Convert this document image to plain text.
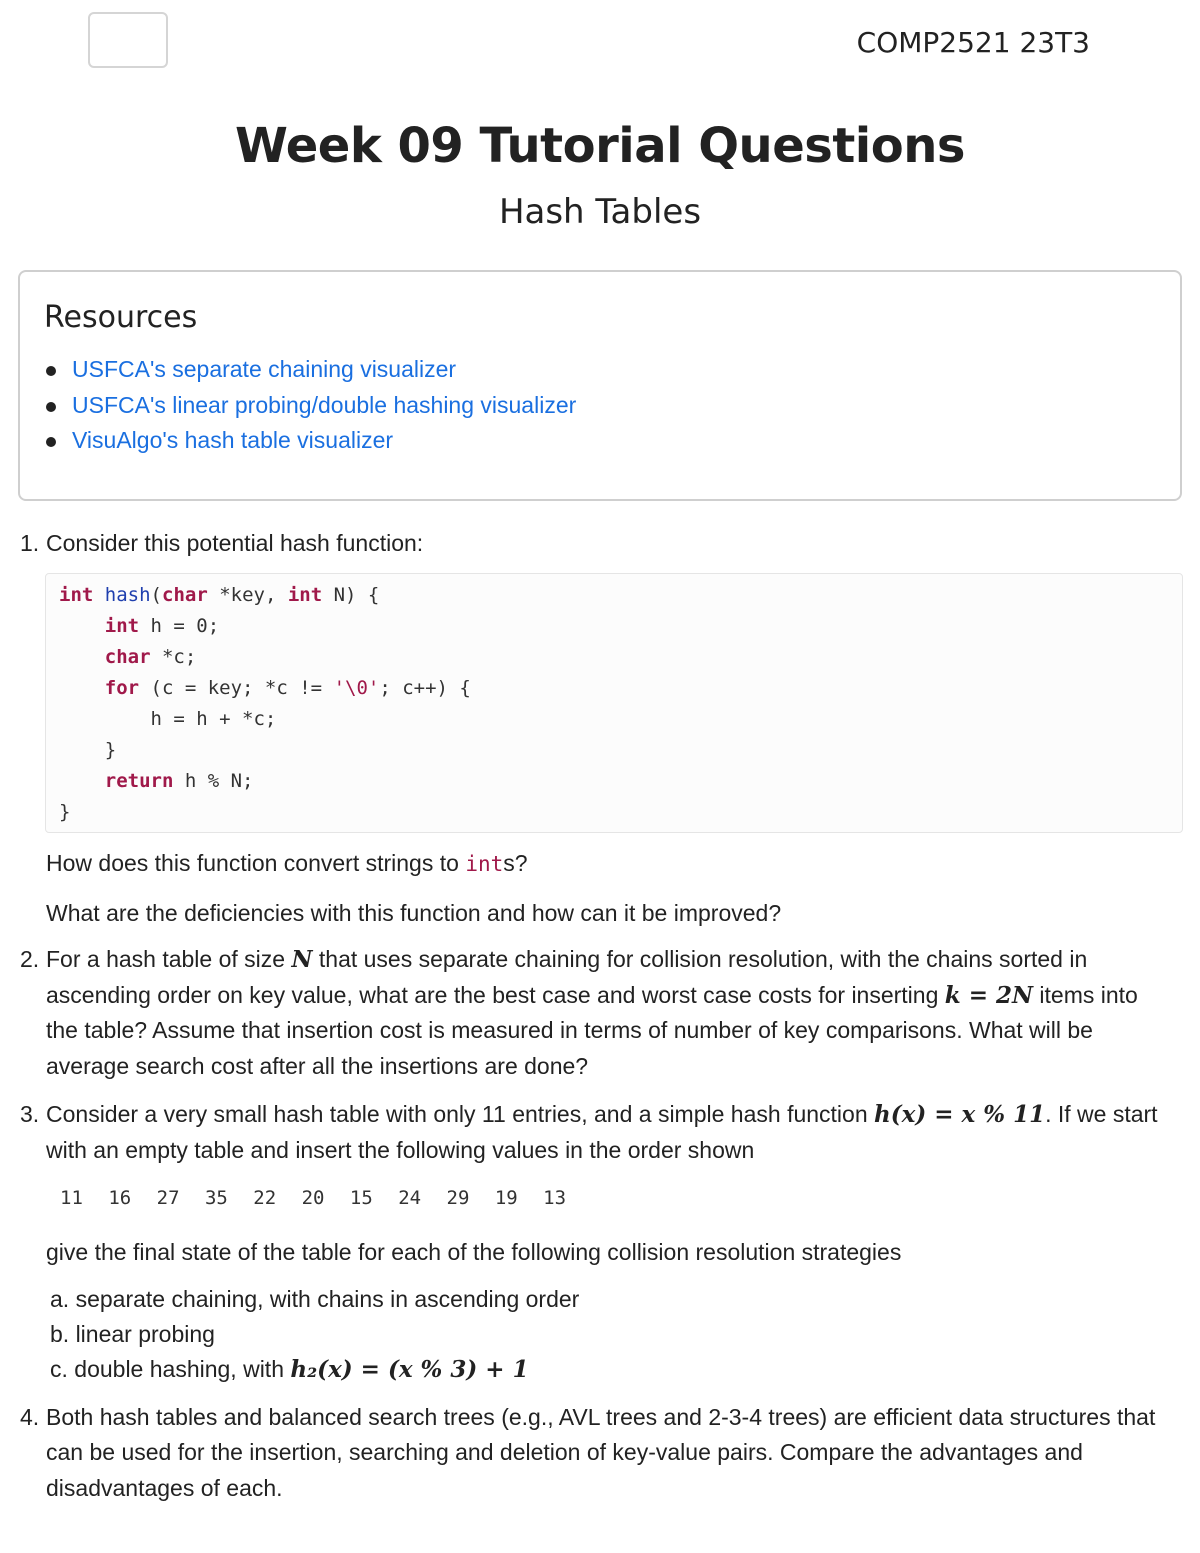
COMP2521 23T3
Week 09 Tutorial Questions
Hash Tables
Resources
USFCA's separate chaining visualizer
USFCA's linear probing/double hashing visualizer
VisuAlgo's hash table visualizer
1. Consider this potential hash function:
int hash(char *key, int N) {
int h = 0;
char *c;
for (c = key; *c != '\0'; c++) {
h = h + *c;
}
return h % N;
}
How does this function convert strings to ints?
What are the deficiencies with this function and how can it be improved?
2. For a hash table of size N that uses separate chaining for collision resolution, with the chains sorted in
ascending order on key value, what are the best case and worst case costs for inserting k = 2N items into
the table? Assume that insertion cost is measured in terms of number of key comparisons. What will be
average search cost after all the insertions are done?
3. Consider a very small hash table with only 11 entries, and a simple hash function h(x) = x % 11. If we start
with an empty table and insert the following values in the order shown
11 16 27 35 22 20 15 24 29 19 13
give the final state of the table for each of the following collision resolution strategies
a. separate chaining, with chains in ascending order
b. linear probing
c. double hashing, with h₂(x) = (x % 3) + 1
4. Both hash tables and balanced search trees (e.g., AVL trees and 2-3-4 trees) are efficient data structures that
can be used for the insertion, searching and deletion of key-value pairs. Compare the advantages and
disadvantages of each.
